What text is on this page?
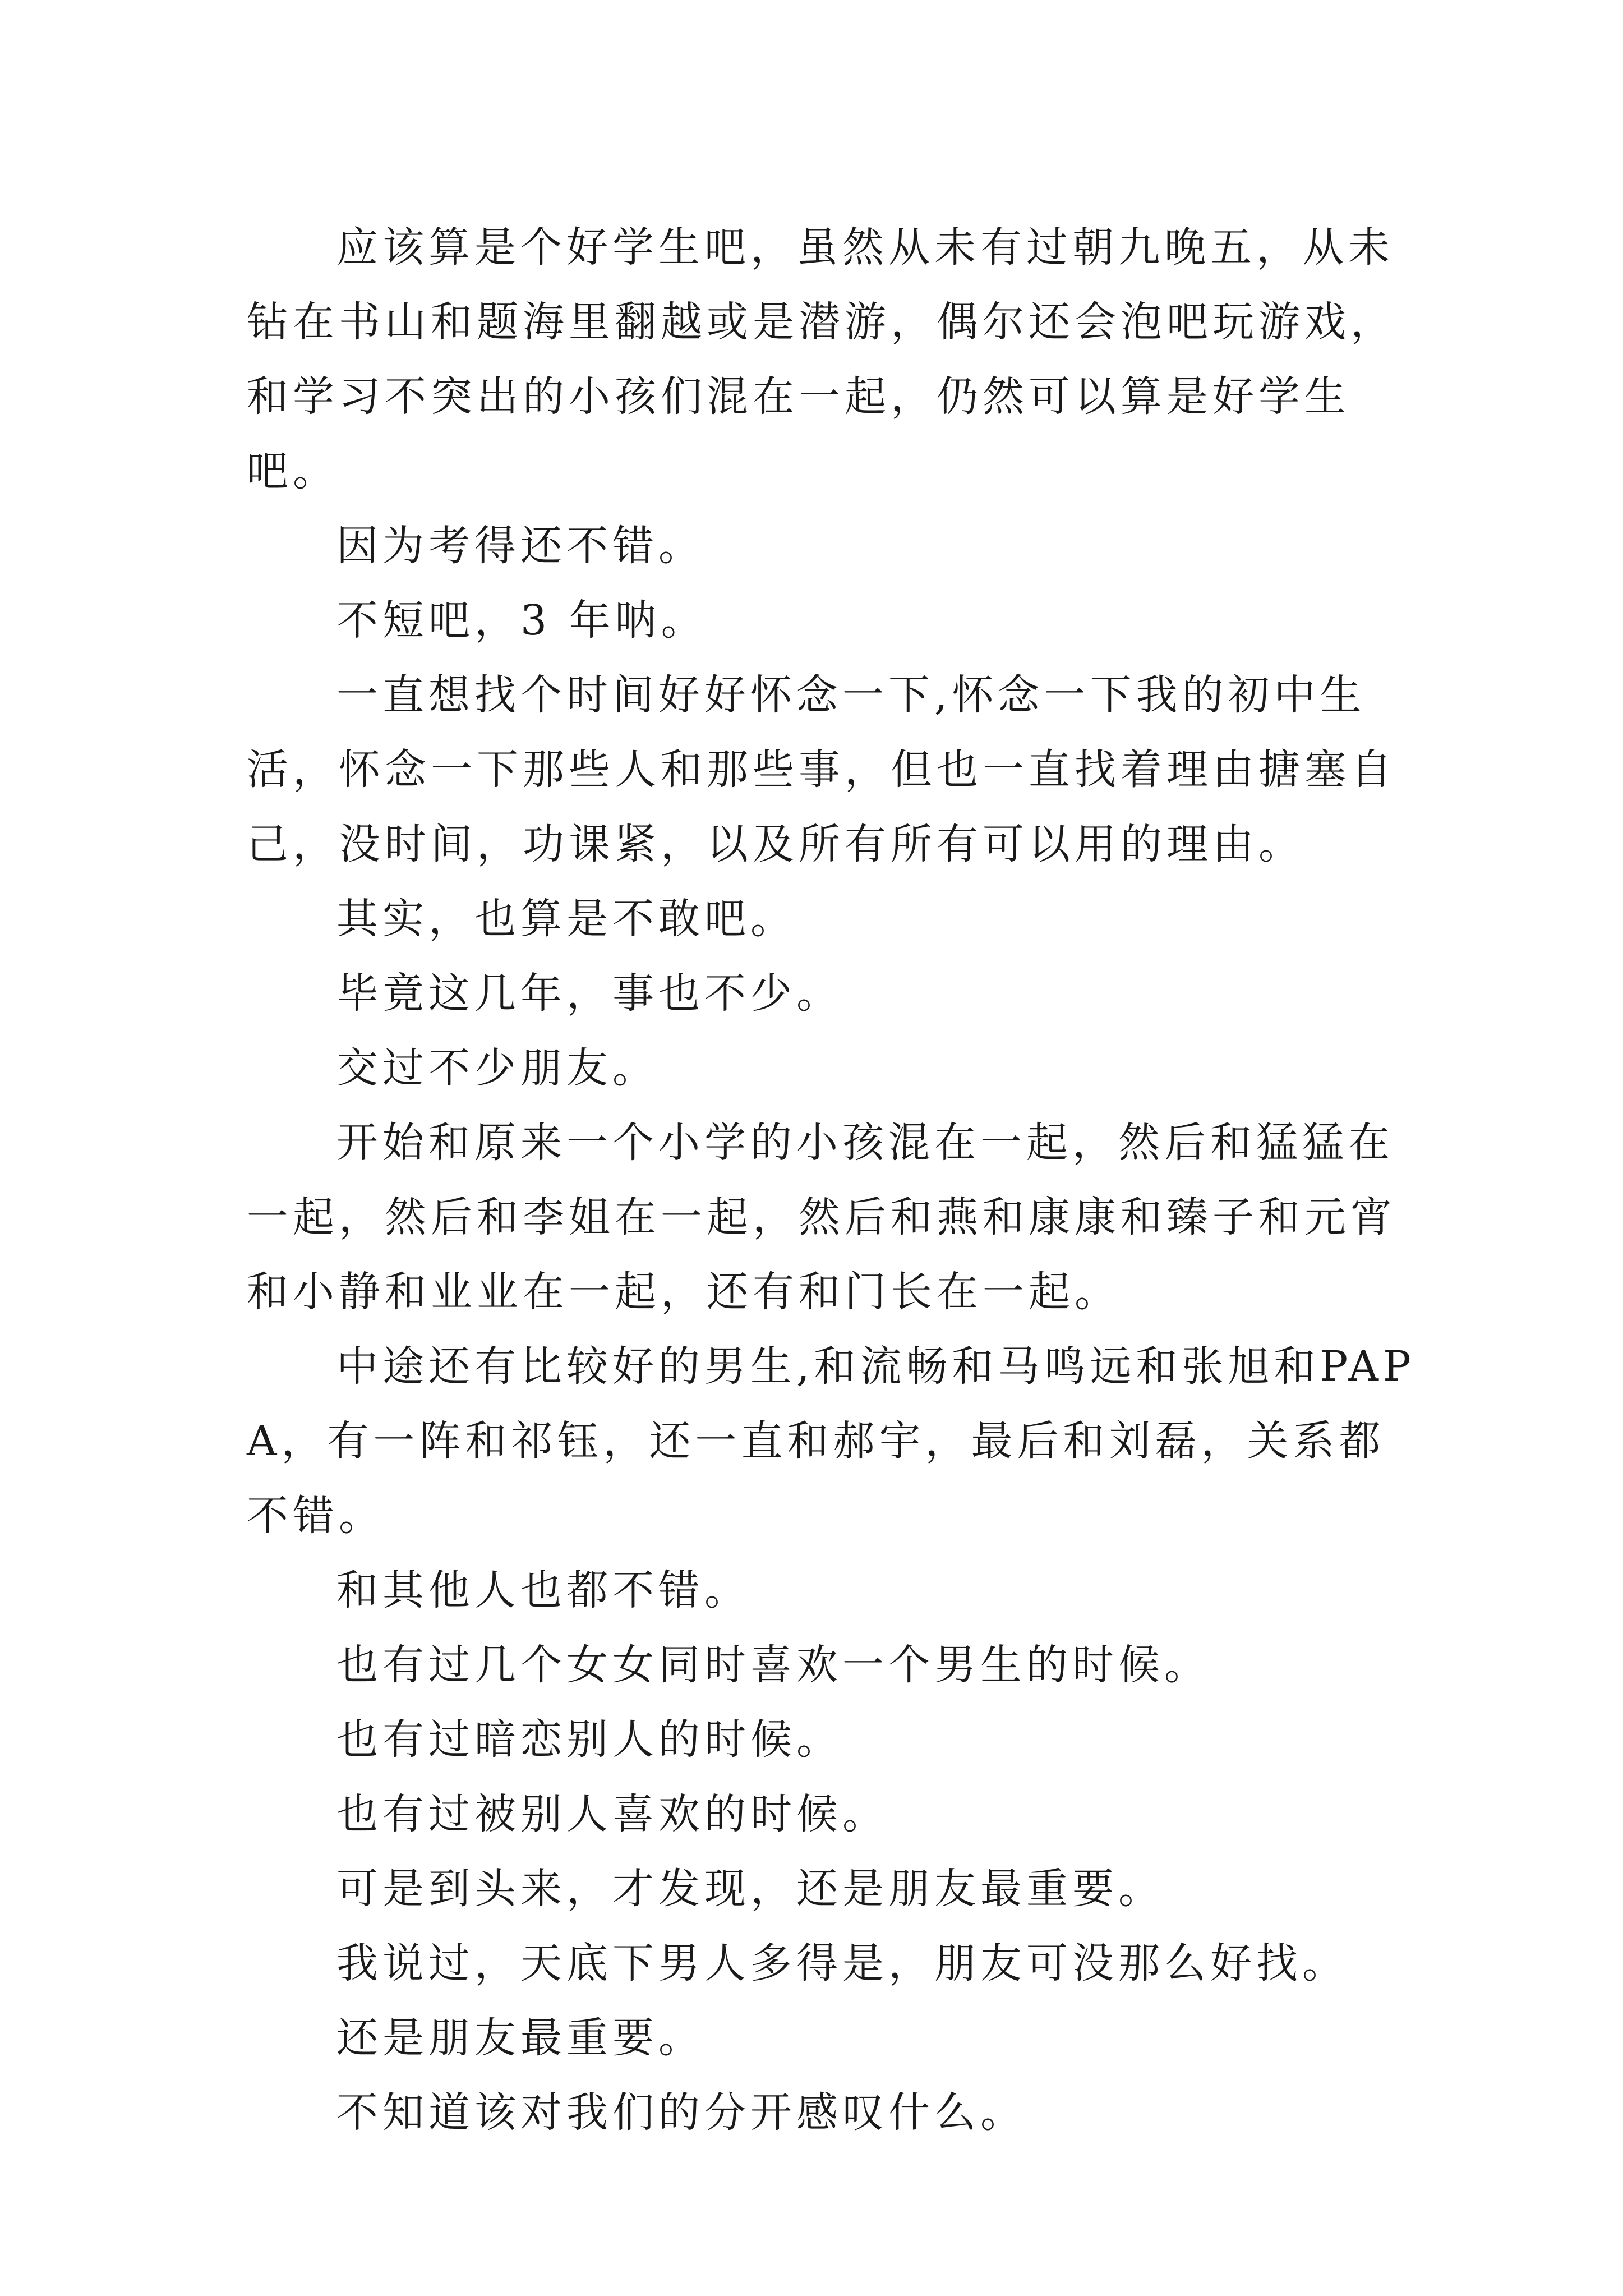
应该算是个好学生吧，虽然从未有过朝九晚五，从未钻在书山和题海里翻越或是潜游，偶尔还会泡吧玩游戏，和学习不突出的小孩们混在一起，仍然可以算是好学生吧。

因为考得还不错。

不短吧，3 年呐。

一直想找个时间好好怀念一下,怀念一下我的初中生活，怀念一下那些人和那些事，但也一直找着理由搪塞自己，没时间，功课紧，以及所有所有可以用的理由。

其实，也算是不敢吧。

毕竟这几年，事也不少。

交过不少朋友。

开始和原来一个小学的小孩混在一起，然后和猛猛在一起，然后和李姐在一起，然后和燕和康康和臻子和元宵和小静和业业在一起，还有和门长在一起。

中途还有比较好的男生,和流畅和马鸣远和张旭和PAPA，有一阵和祁钰，还一直和郝宇，最后和刘磊，关系都不错。

和其他人也都不错。

也有过几个女女同时喜欢一个男生的时候。

也有过暗恋别人的时候。

也有过被别人喜欢的时候。

可是到头来，才发现，还是朋友最重要。

我说过，天底下男人多得是，朋友可没那么好找。

还是朋友最重要。

不知道该对我们的分开感叹什么。
